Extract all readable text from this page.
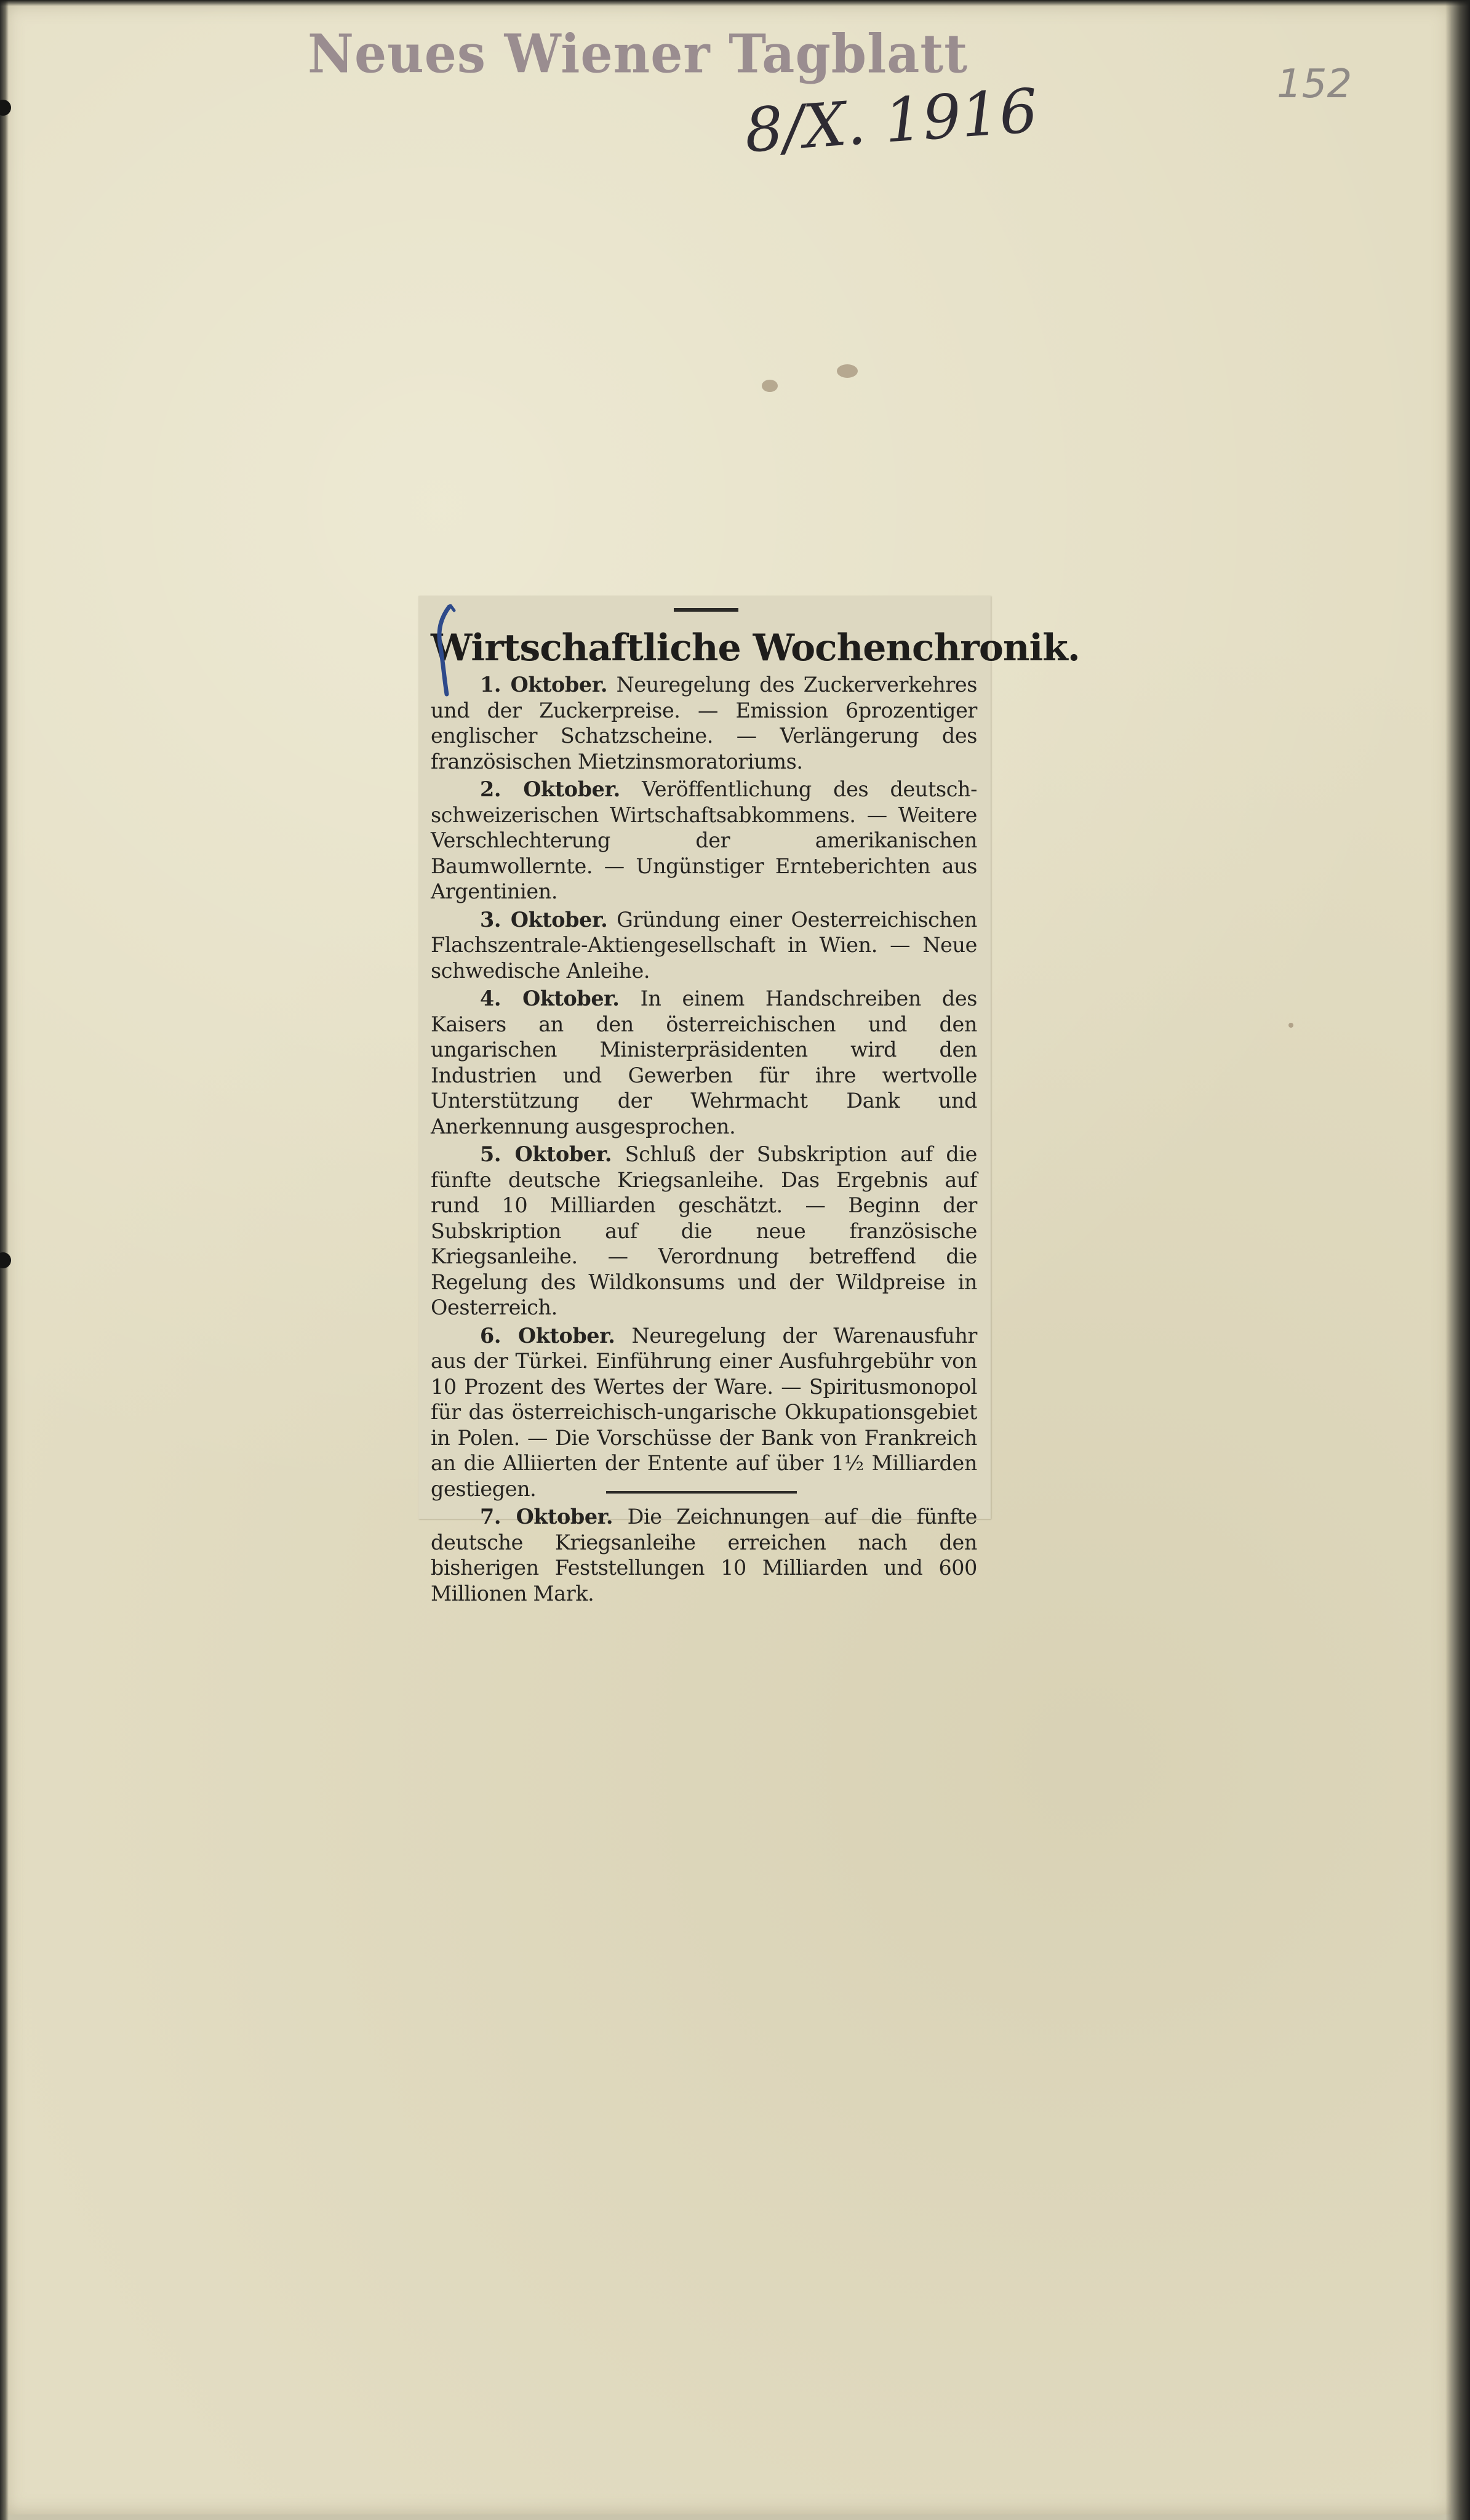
Neues Wiener Tagblatt
8/X. 1916	152
Wirtschaftliche Wochenchronik.

1. Oktober. Neuregelung des Zuckerverkehres und der Zuckerpreise. — Emission 6prozentiger englischer Schatzscheine. — Verlängerung des französischen Mietzinsmoratoriums.

2. Oktober. Veröffentlichung des deutsch-schweizerischen Wirtschaftsabkommens. — Weitere Verschlechterung der amerikanischen Baumwollernte. — Ungünstiger Ernteberichten aus Argentinien.

3. Oktober. Gründung einer Oesterreichischen Flachszentrale-Aktiengesellschaft in Wien. — Neue schwedische Anleihe.

4. Oktober. In einem Handschreiben des Kaisers an den österreichischen und den ungarischen Ministerpräsidenten wird den Industrien und Gewerben für ihre wertvolle Unterstützung der Wehrmacht Dank und Anerkennung ausgesprochen.

5. Oktober. Schluß der Subskription auf die fünfte deutsche Kriegsanleihe. Das Ergebnis auf rund 10 Milliarden geschätzt. — Beginn der Subskription auf die neue französische Kriegsanleihe. — Verordnung betreffend die Regelung des Wildkonsums und der Wildpreise in Oesterreich.

6. Oktober. Neuregelung der Warenausfuhr aus der Türkei. Einführung einer Ausfuhrgebühr von 10 Prozent des Wertes der Ware. — Spiritusmonopol für das österreichisch-ungarische Okkupationsgebiet in Polen. — Die Vorschüsse der Bank von Frankreich an die Alliierten der Entente auf über 1½ Milliarden gestiegen.

7. Oktober. Die Zeichnungen auf die fünfte deutsche Kriegsanleihe erreichen nach den bisherigen Feststellungen 10 Milliarden und 600 Millionen Mark.
